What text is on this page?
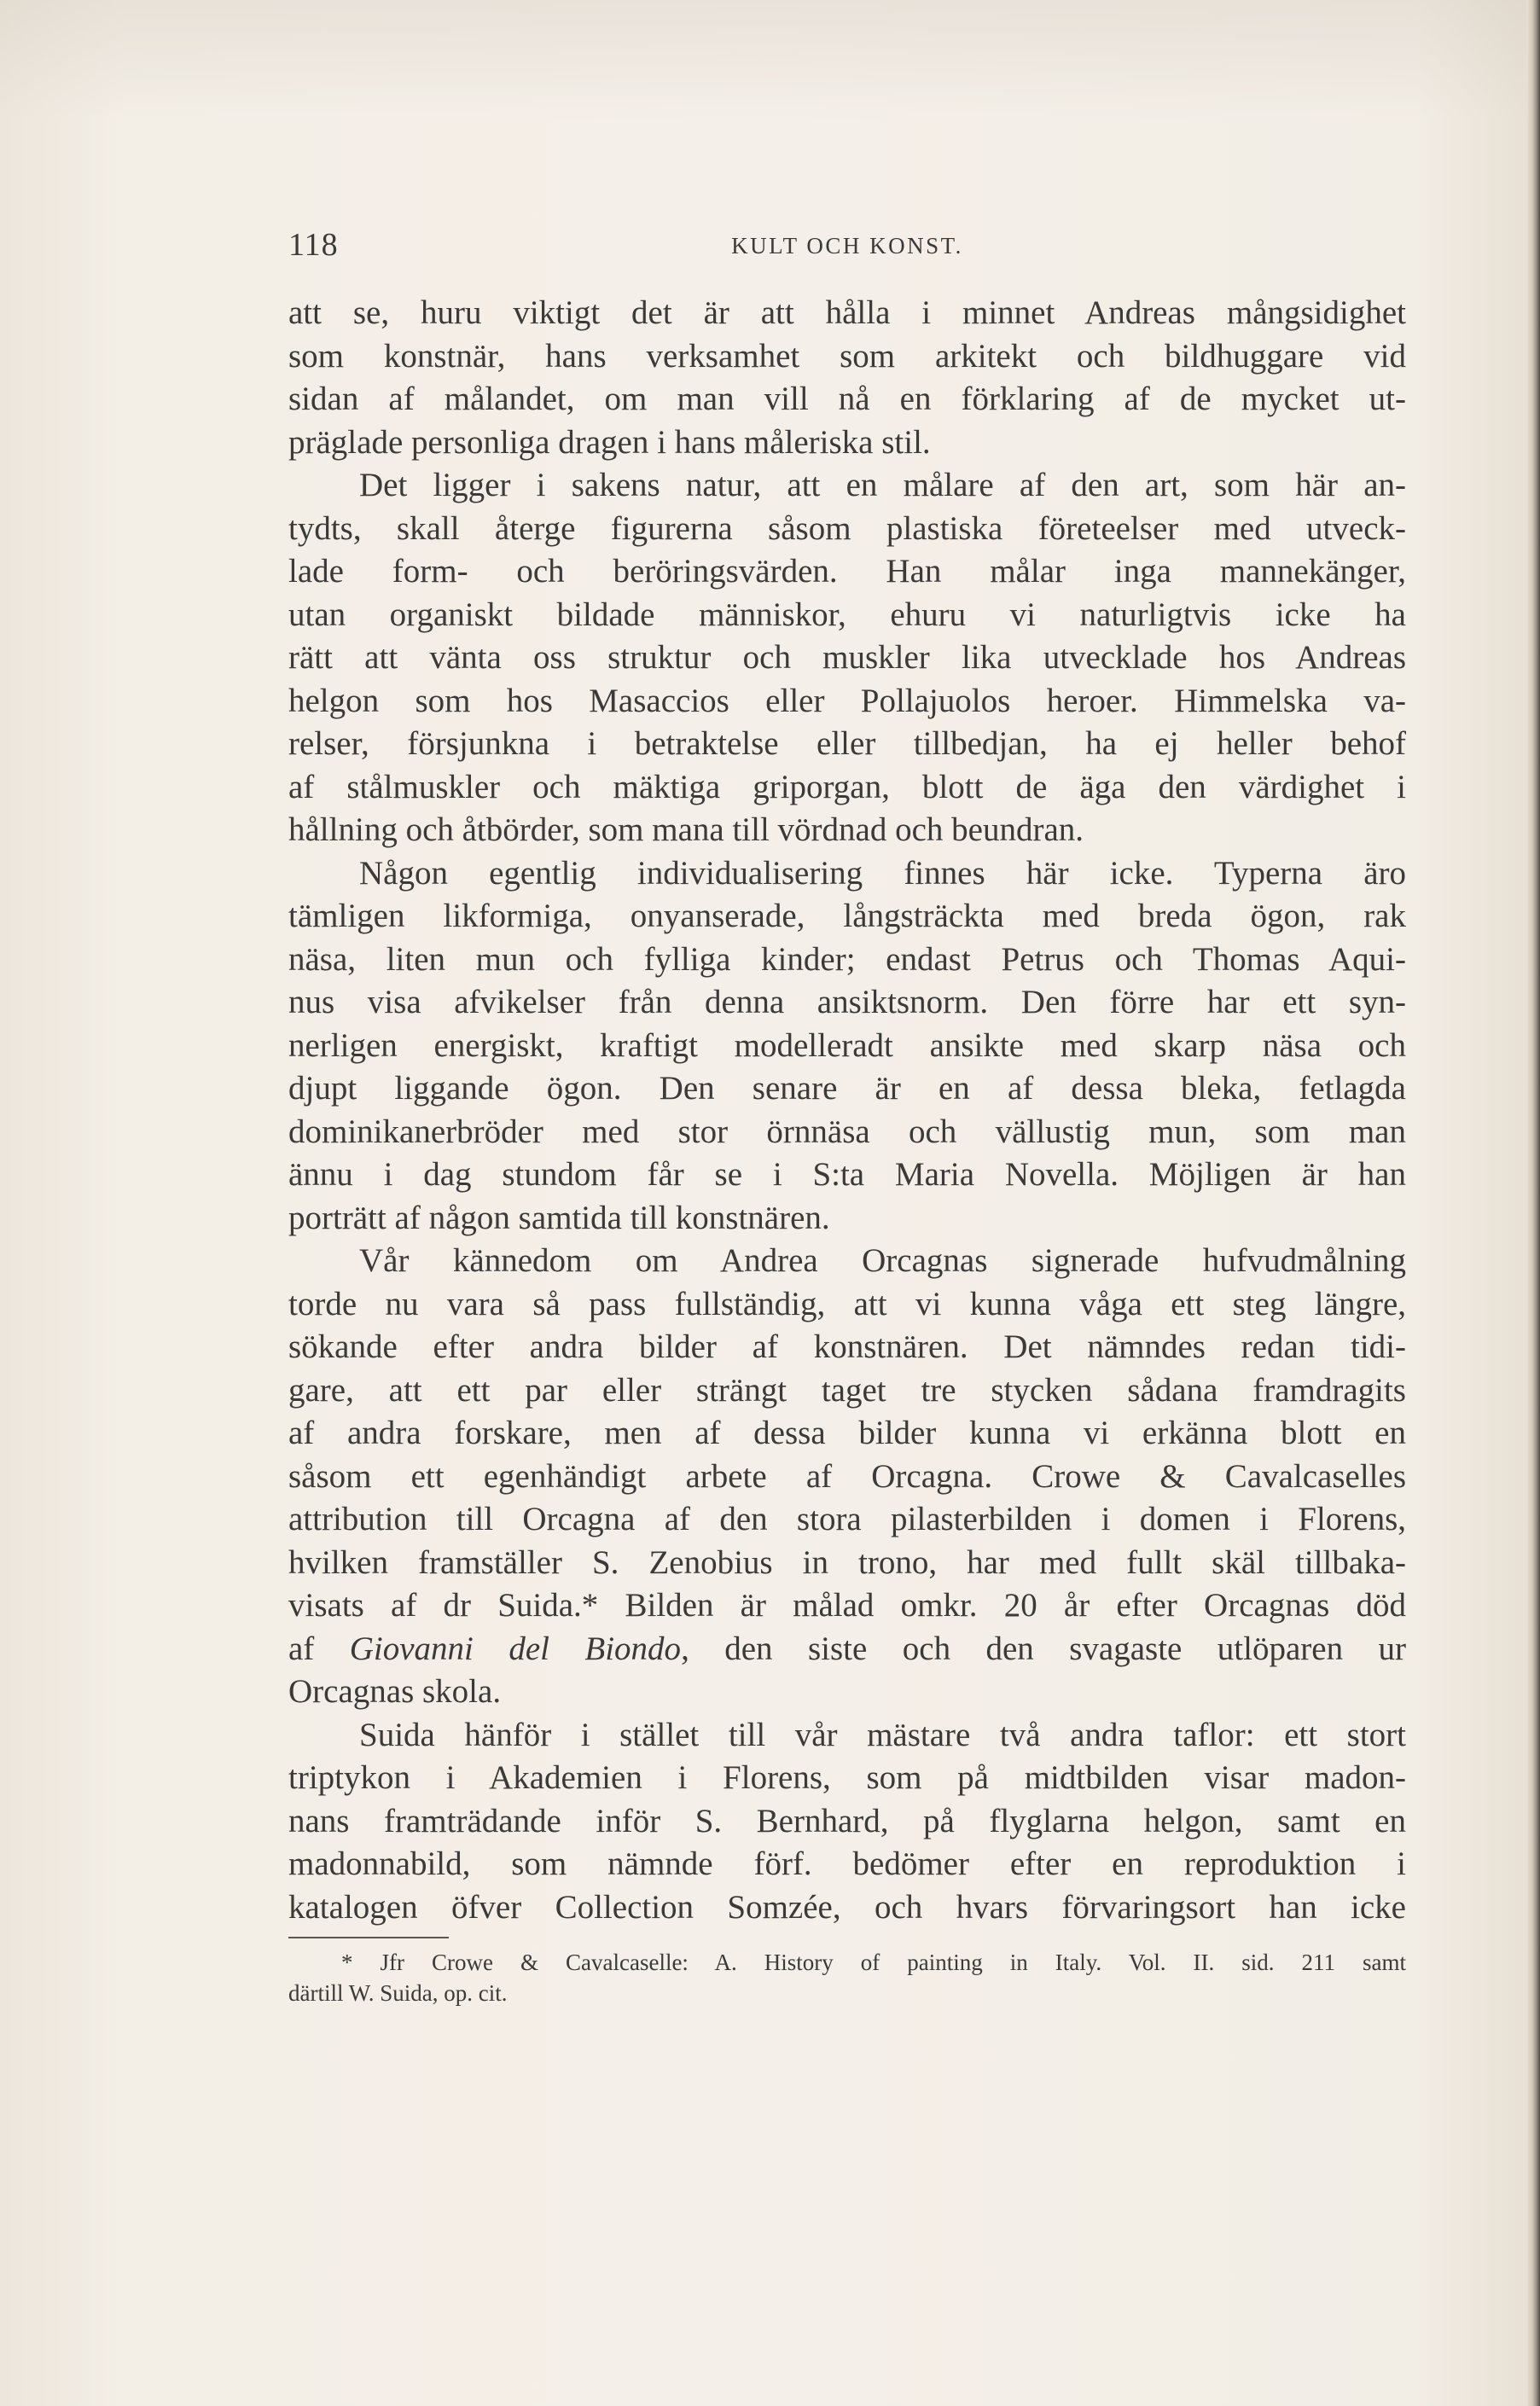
118	KULT OCH KONST.
att se, huru viktigt det är att hålla i minnet Andreas mångsidighet
som konstnär, hans verksamhet som arkitekt och bildhuggare vid
sidan af målandet, om man vill nå en förklaring af de mycket ut-
präglade personliga dragen i hans måleriska stil.
Det ligger i sakens natur, att en målare af den art, som här an-
tydts, skall återge figurerna såsom plastiska företeelser med utveck-
lade form- och beröringsvärden. Han målar inga mannekänger,
utan organiskt bildade människor, ehuru vi naturligtvis icke ha
rätt att vänta oss struktur och muskler lika utvecklade hos Andreas
helgon som hos Masaccios eller Pollajuolos heroer. Himmelska va-
relser, försjunkna i betraktelse eller tillbedjan, ha ej heller behof
af stålmuskler och mäktiga griporgan, blott de äga den värdighet i
hållning och åtbörder, som mana till vördnad och beundran.
Någon egentlig individualisering finnes här icke. Typerna äro
tämligen likformiga, onyanserade, långsträckta med breda ögon, rak
näsa, liten mun och fylliga kinder; endast Petrus och Thomas Aqui-
nus visa afvikelser från denna ansiktsnorm. Den förre har ett syn-
nerligen energiskt, kraftigt modelleradt ansikte med skarp näsa och
djupt liggande ögon. Den senare är en af dessa bleka, fetlagda
dominikanerbröder med stor örnnäsa och vällustig mun, som man
ännu i dag stundom får se i S:ta Maria Novella. Möjligen är han
porträtt af någon samtida till konstnären.
Vår kännedom om Andrea Orcagnas signerade hufvudmålning
torde nu vara så pass fullständig, att vi kunna våga ett steg längre,
sökande efter andra bilder af konstnären. Det nämndes redan tidi-
gare, att ett par eller strängt taget tre stycken sådana framdragits
af andra forskare, men af dessa bilder kunna vi erkänna blott en
såsom ett egenhändigt arbete af Orcagna. Crowe & Cavalcaselles
attribution till Orcagna af den stora pilasterbilden i domen i Florens,
hvilken framställer S. Zenobius in trono, har med fullt skäl tillbaka-
visats af dr Suida.* Bilden är målad omkr. 20 år efter Orcagnas död
af Giovanni del Biondo, den siste och den svagaste utlöparen ur
Orcagnas skola.
Suida hänför i stället till vår mästare två andra taflor: ett stort
triptykon i Akademien i Florens, som på midtbilden visar madon-
nans framträdande inför S. Bernhard, på flyglarna helgon, samt en
madonnabild, som nämnde förf. bedömer efter en reproduktion i
katalogen öfver Collection Somzée, och hvars förvaringsort han icke
* Jfr Crowe & Cavalcaselle: A. History of painting in Italy. Vol. II. sid. 211 samt
därtill W. Suida, op. cit.
